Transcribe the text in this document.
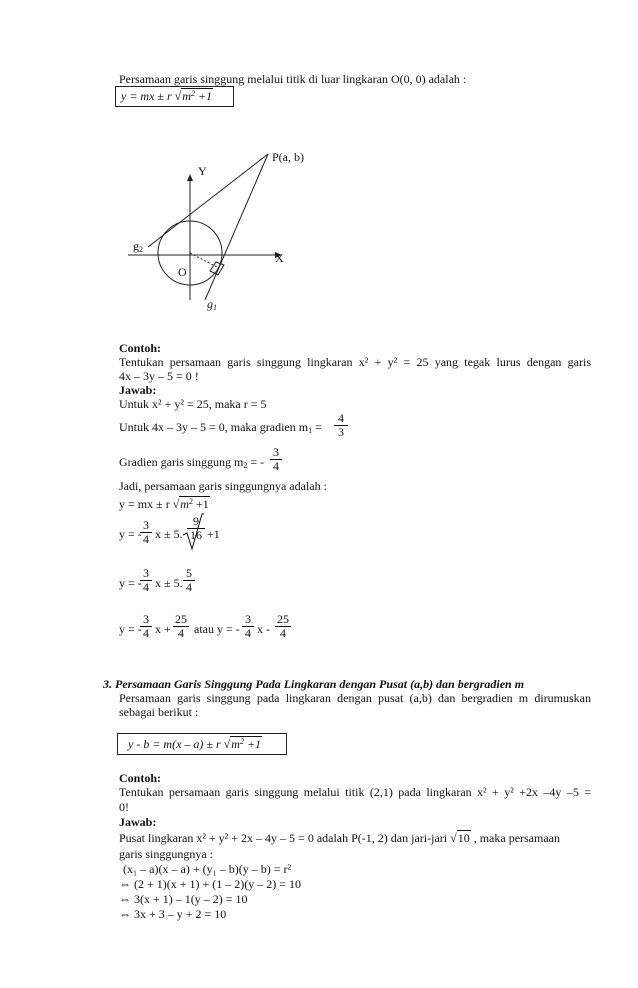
Persamaan garis singgung melalui titik di luar lingkaran O(0, 0) adalah :
y = mx ± r $√m^2 +1$
P(a, b)
Y
X
O
$g_2$
$g_1$
Contoh:
Tentukan persamaan garis singgung lingkaran x² + y² = 25 yang tegak lurus dengan garis
4x – 3y – 5 = 0 !
Jawab:
Untuk x² + y² = 25, maka r = 5
Untuk 4x – 3y – 5 = 0, maka gradien $m_1 = \frac{4}{3}$
Gradien garis singgung $m_2$ = - $\frac{3}{4}$
Jadi, persamaan garis singgungnya adalah :
y = mx ± r $√m^2 +1$
y = -
$\frac{3}{4}$ x ± 5. $\frac{9}{16} +1$
y = -
$\frac{3}{4}$ x ± 5. $\frac{5}{4}$
y = -
$\frac{3}{4}$ $x + \frac{25}{4}$ atau y = - $\frac{3}{4}$ x - $\frac{25}{4}$
3. Persamaan Garis Singgung Pada Lingkaran dengan Pusat (a,b) dan bergradien m
Persamaan garis singgung pada lingkaran dengan pusat (a,b) dan bergradien m dirumuskan
sebagai berikut :
y - b = m(x – a) ± r $√m^2 +1$
Contoh:
Tentukan persamaan garis singgung melalui titik (2,1) pada lingkaran x² + y² +2x –4y –5 =
0!
Jawab:
Pusat lingkaran x² + y² + 2x – 4y – 5 = 0 adalah P(-1, 2) dan jari-jari √10 , maka persamaan
garis singgungnya :
(x₁ – a)(x – a) + (y₁ – b)(y – b) = r²
⇔ (2 + 1)(x + 1) + (1 – 2)(y – 2) = 10
⇔ 3(x + 1) – 1(y – 2) = 10
⇔ 3x + 3 – y + 2 = 10
